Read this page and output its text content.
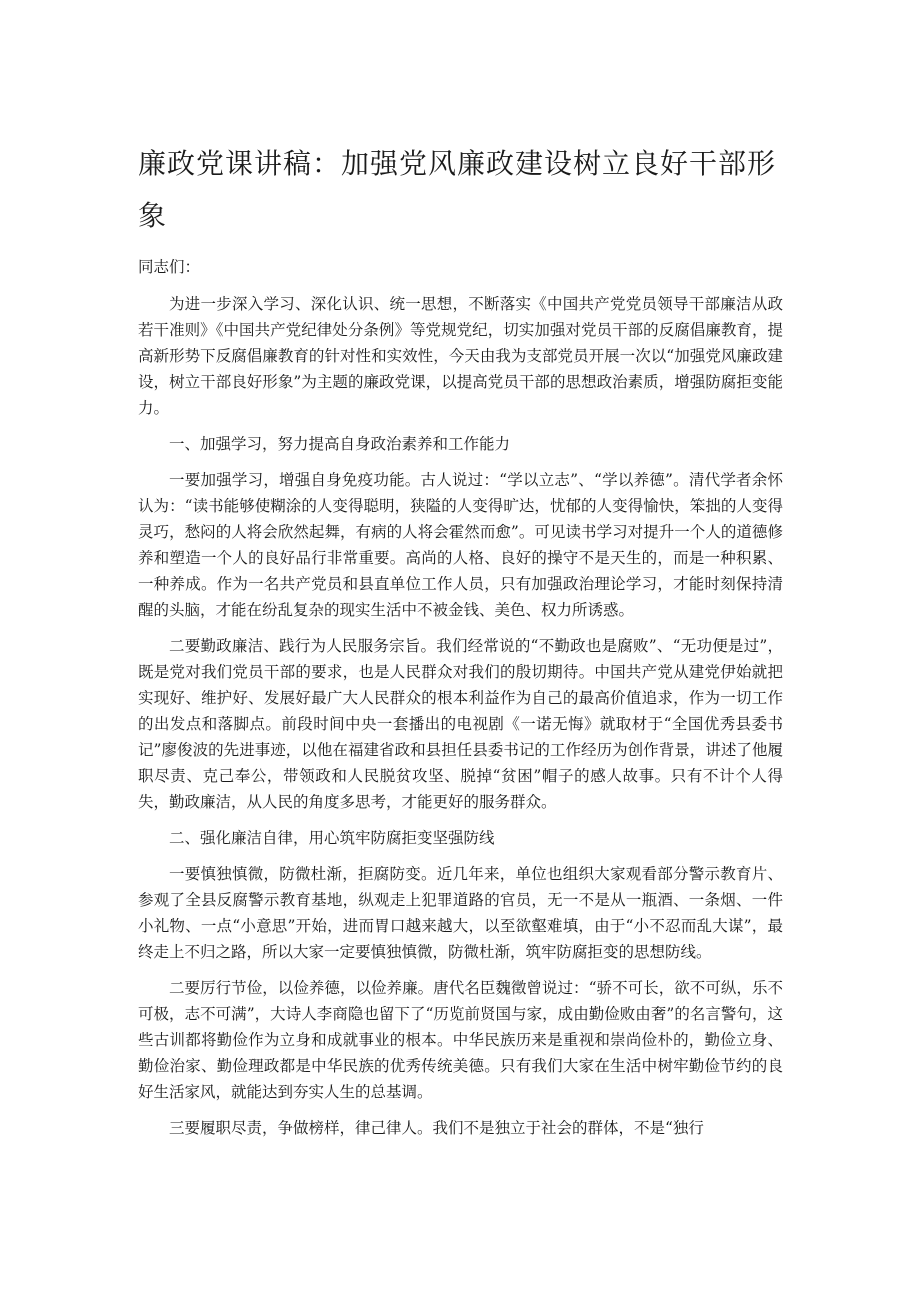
廉政党课讲稿：加强党风廉政建设树立良好干部形象

同志们：

为进一步深入学习、深化认识、统一思想，不断落实《中国共产党党员领导干部廉洁从政若干准则》《中国共产党纪律处分条例》等党规党纪，切实加强对党员干部的反腐倡廉教育，提高新形势下反腐倡廉教育的针对性和实效性，今天由我为支部党员开展一次以“加强党风廉政建设，树立干部良好形象”为主题的廉政党课，以提高党员干部的思想政治素质，增强防腐拒变能力。

一、加强学习，努力提高自身政治素养和工作能力

一要加强学习，增强自身免疫功能。古人说过：“学以立志”、“学以养德”。清代学者余怀认为：“读书能够使糊涂的人变得聪明，狭隘的人变得旷达，忧郁的人变得愉快，笨拙的人变得灵巧，愁闷的人将会欣然起舞，有病的人将会霍然而愈”。可见读书学习对提升一个人的道德修养和塑造一个人的良好品行非常重要。高尚的人格、良好的操守不是天生的，而是一种积累、一种养成。作为一名共产党员和县直单位工作人员，只有加强政治理论学习，才能时刻保持清醒的头脑，才能在纷乱复杂的现实生活中不被金钱、美色、权力所诱惑。

二要勤政廉洁、践行为人民服务宗旨。我们经常说的“不勤政也是腐败”、“无功便是过”，既是党对我们党员干部的要求，也是人民群众对我们的殷切期待。中国共产党从建党伊始就把实现好、维护好、发展好最广大人民群众的根本利益作为自己的最高价值追求，作为一切工作的出发点和落脚点。前段时间中央一套播出的电视剧《一诺无悔》就取材于“全国优秀县委书记”廖俊波的先进事迹，以他在福建省政和县担任县委书记的工作经历为创作背景，讲述了他履职尽责、克己奉公，带领政和人民脱贫攻坚、脱掉“贫困”帽子的感人故事。只有不计个人得失，勤政廉洁，从人民的角度多思考，才能更好的服务群众。

二、强化廉洁自律，用心筑牢防腐拒变坚强防线

一要慎独慎微，防微杜渐，拒腐防变。近几年来，单位也组织大家观看部分警示教育片、参观了全县反腐警示教育基地，纵观走上犯罪道路的官员，无一不是从一瓶酒、一条烟、一件小礼物、一点“小意思”开始，进而胃口越来越大，以至欲壑难填，由于“小不忍而乱大谋”，最终走上不归之路，所以大家一定要慎独慎微，防微杜渐，筑牢防腐拒变的思想防线。

二要厉行节俭，以俭养德，以俭养廉。唐代名臣魏徵曾说过：“骄不可长，欲不可纵，乐不可极，志不可满”，大诗人李商隐也留下了“历览前贤国与家，成由勤俭败由奢”的名言警句，这些古训都将勤俭作为立身和成就事业的根本。中华民族历来是重视和崇尚俭朴的，勤俭立身、勤俭治家、勤俭理政都是中华民族的优秀传统美德。只有我们大家在生活中树牢勤俭节约的良好生活家风，就能达到夯实人生的总基调。

三要履职尽责，争做榜样，律己律人。我们不是独立于社会的群体，不是“独行
